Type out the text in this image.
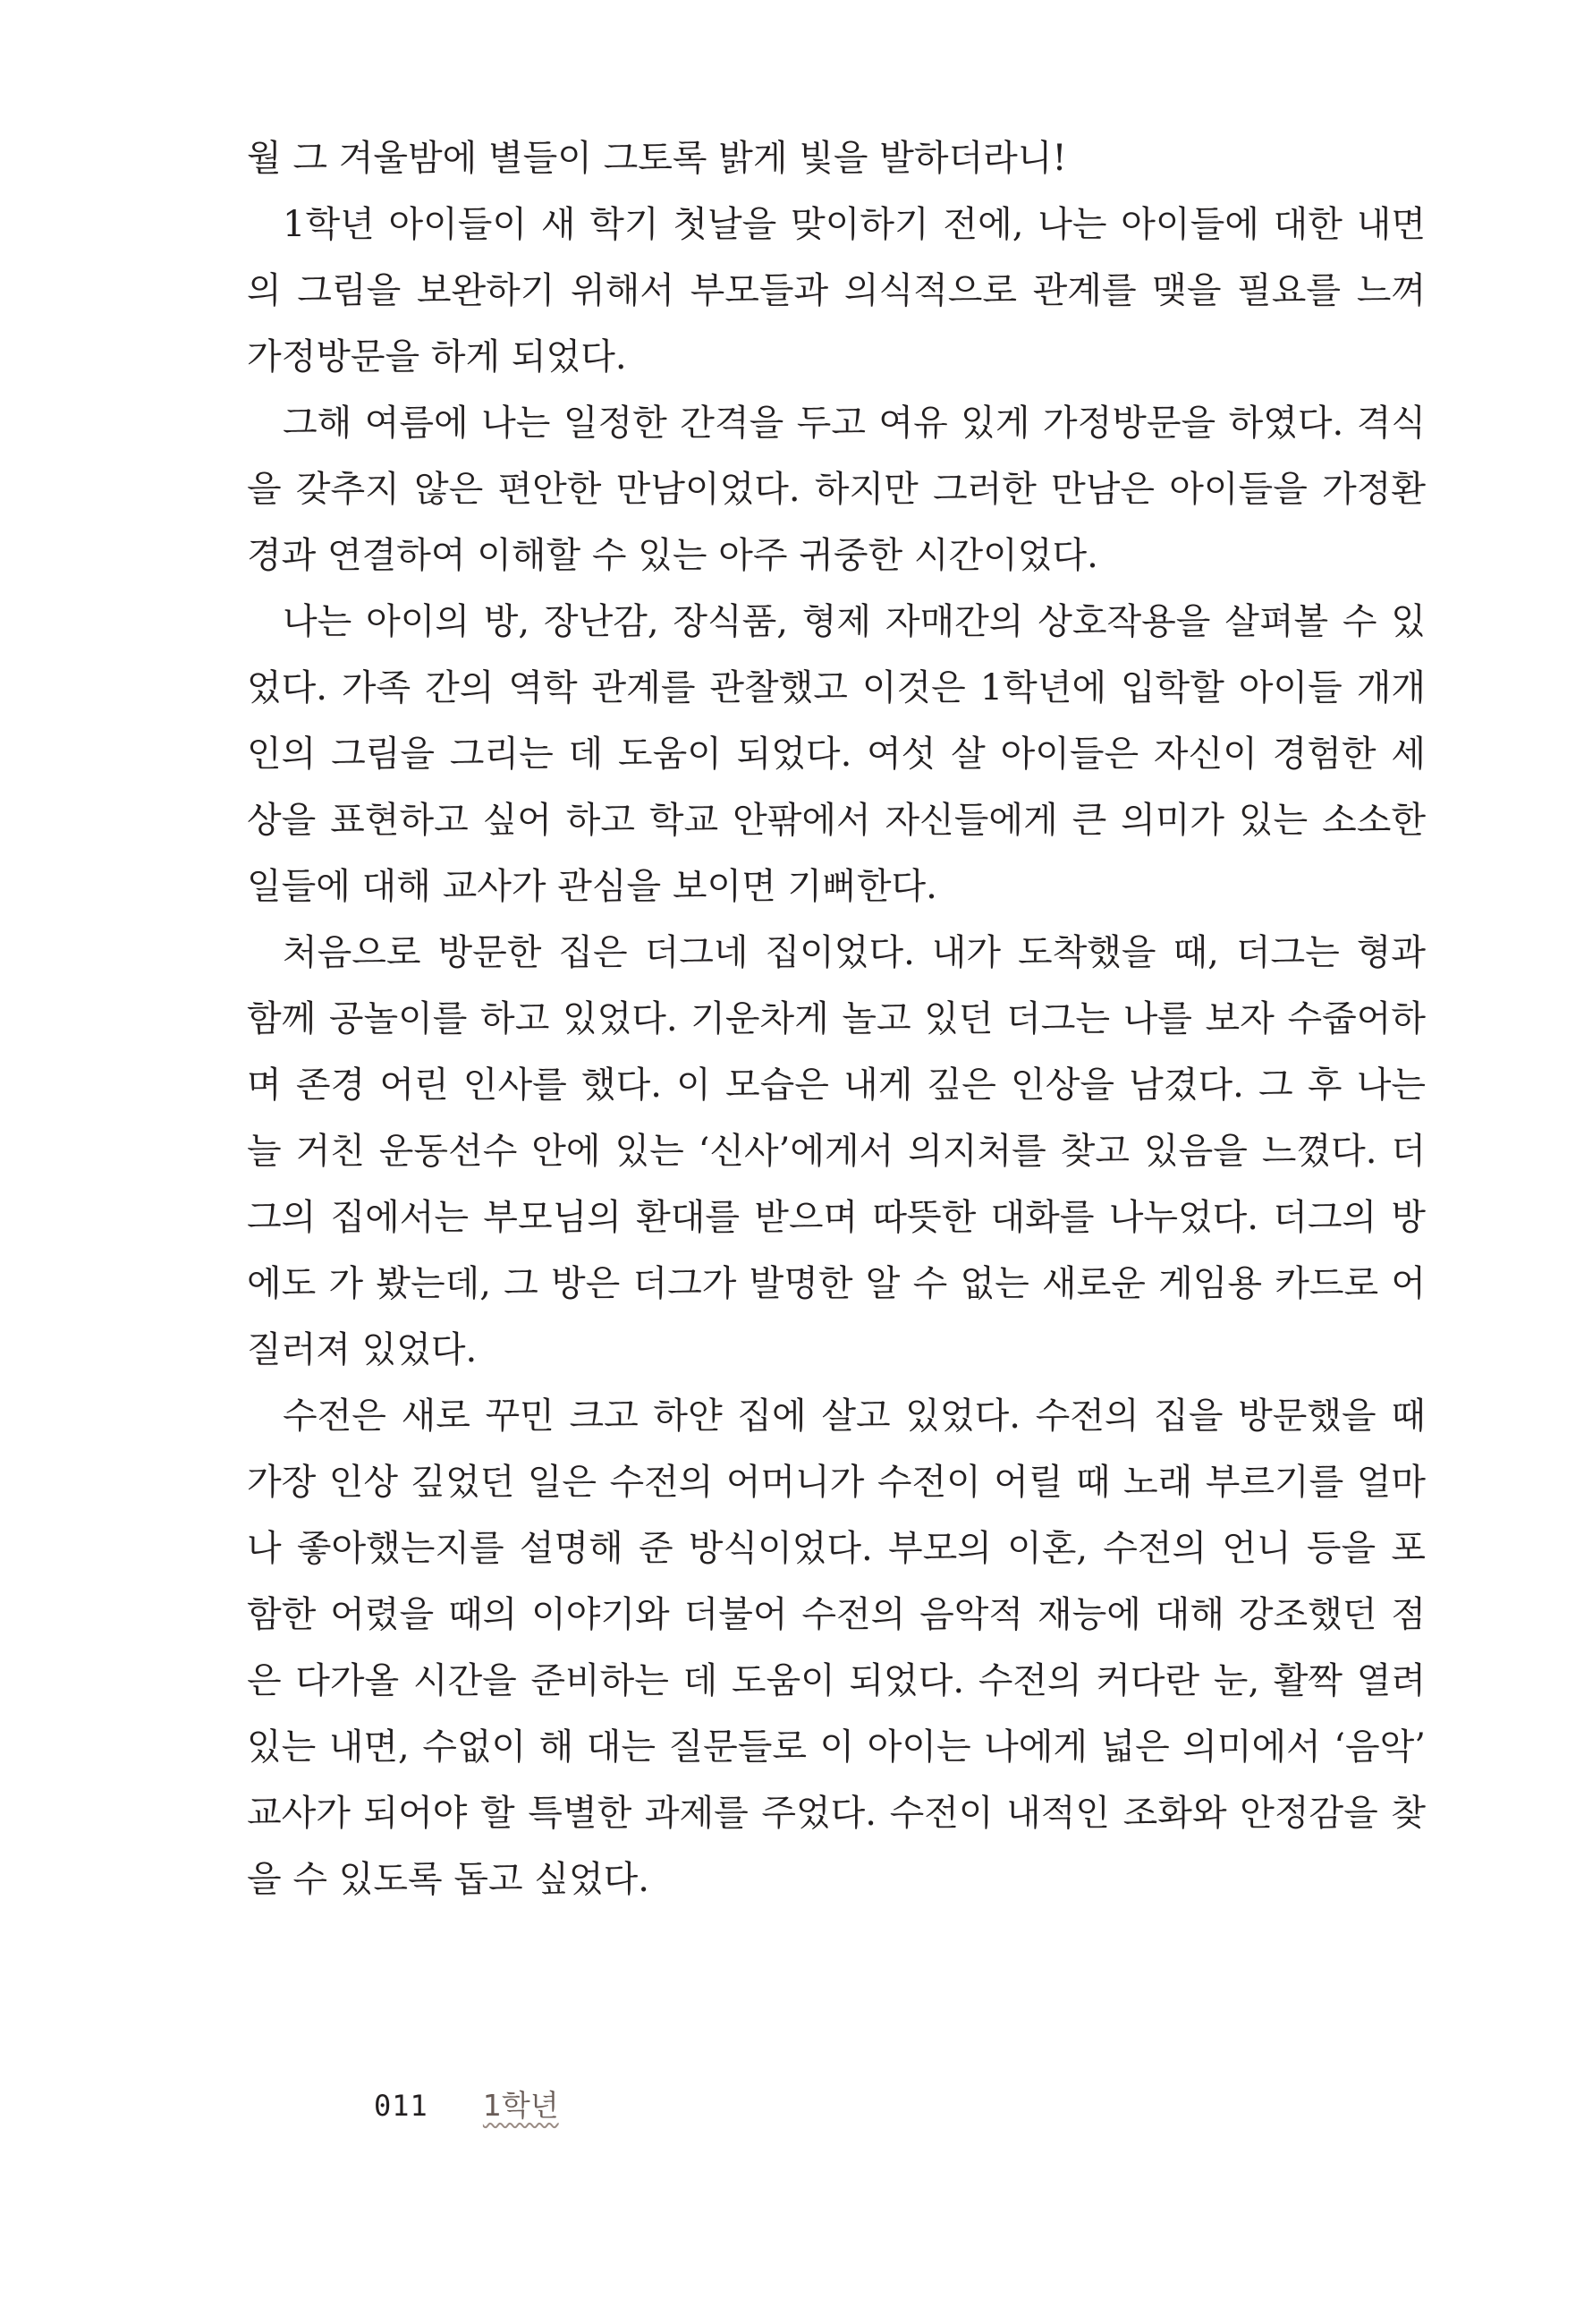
월 그 겨울밤에 별들이 그토록 밝게 빛을 발하더라니!
1학년 아이들이 새 학기 첫날을 맞이하기 전에, 나는 아이들에 대한 내면
의 그림을 보완하기 위해서 부모들과 의식적으로 관계를 맺을 필요를 느껴
가정방문을 하게 되었다.
그해 여름에 나는 일정한 간격을 두고 여유 있게 가정방문을 하였다. 격식
을 갖추지 않은 편안한 만남이었다. 하지만 그러한 만남은 아이들을 가정환
경과 연결하여 이해할 수 있는 아주 귀중한 시간이었다.
나는 아이의 방, 장난감, 장식품, 형제 자매간의 상호작용을 살펴볼 수 있
었다. 가족 간의 역학 관계를 관찰했고 이것은 1학년에 입학할 아이들 개개
인의 그림을 그리는 데 도움이 되었다. 여섯 살 아이들은 자신이 경험한 세
상을 표현하고 싶어 하고 학교 안팎에서 자신들에게 큰 의미가 있는 소소한
일들에 대해 교사가 관심을 보이면 기뻐한다.
처음으로 방문한 집은 더그네 집이었다. 내가 도착했을 때, 더그는 형과
함께 공놀이를 하고 있었다. 기운차게 놀고 있던 더그는 나를 보자 수줍어하
며 존경 어린 인사를 했다. 이 모습은 내게 깊은 인상을 남겼다. 그 후 나는
늘 거친 운동선수 안에 있는 ‘신사’에게서 의지처를 찾고 있음을 느꼈다. 더
그의 집에서는 부모님의 환대를 받으며 따뜻한 대화를 나누었다. 더그의 방
에도 가 봤는데, 그 방은 더그가 발명한 알 수 없는 새로운 게임용 카드로 어
질러져 있었다.
수전은 새로 꾸민 크고 하얀 집에 살고 있었다. 수전의 집을 방문했을 때
가장 인상 깊었던 일은 수전의 어머니가 수전이 어릴 때 노래 부르기를 얼마
나 좋아했는지를 설명해 준 방식이었다. 부모의 이혼, 수전의 언니 등을 포
함한 어렸을 때의 이야기와 더불어 수전의 음악적 재능에 대해 강조했던 점
은 다가올 시간을 준비하는 데 도움이 되었다. 수전의 커다란 눈, 활짝 열려
있는 내면, 수없이 해 대는 질문들로 이 아이는 나에게 넓은 의미에서 ‘음악’
교사가 되어야 할 특별한 과제를 주었다. 수전이 내적인 조화와 안정감을 찾
을 수 있도록 돕고 싶었다.
011 1학년
